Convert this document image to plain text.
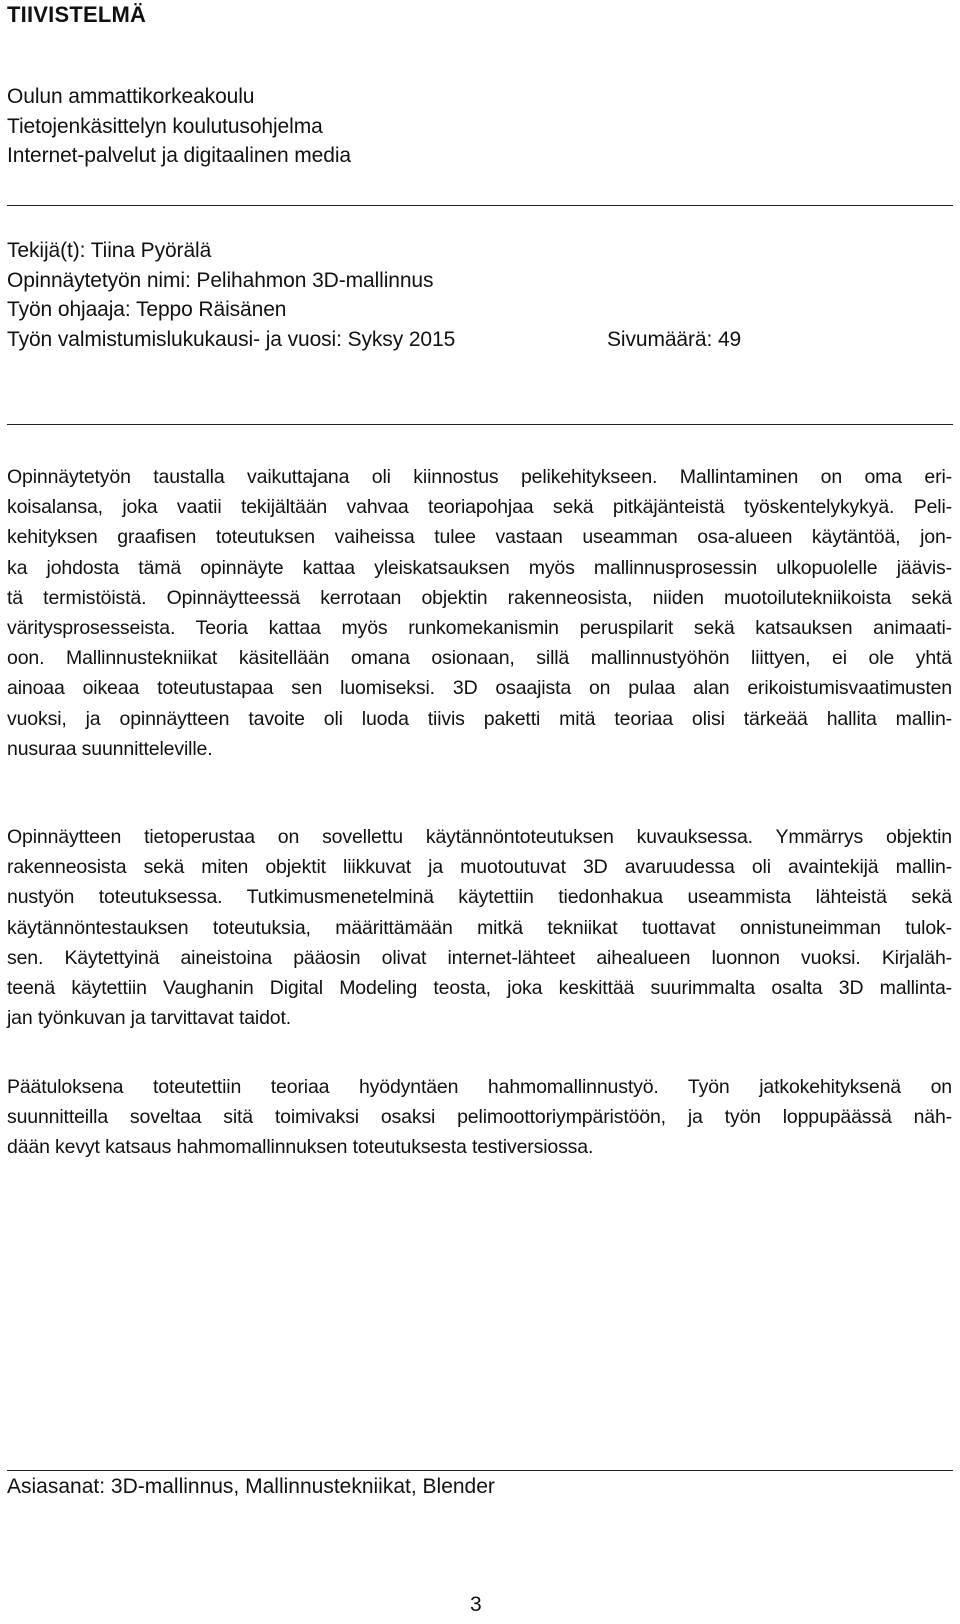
TIIVISTELMÄ
Oulun ammattikorkeakoulu
Tietojenkäsittelyn koulutusohjelma
Internet-palvelut ja digitaalinen media
Tekijä(t): Tiina Pyörälä
Opinnäytetyön nimi: Pelihahmon 3D-mallinnus
Työn ohjaaja: Teppo Räisänen
Työn valmistumislukukausi- ja vuosi: Syksy 2015	Sivumäärä: 49
Opinnäytetyön taustalla vaikuttajana oli kiinnostus pelikehitykseen. Mallintaminen on oma eri-
koisalansa, joka vaatii tekijältään vahvaa teoriapohjaa sekä pitkäjänteistä työskentelykykyä. Peli-
kehityksen graafisen toteutuksen vaiheissa tulee vastaan useamman osa-alueen käytäntöä, jon-
ka johdosta tämä opinnäyte kattaa yleiskatsauksen myös mallinnusprosessin ulkopuolelle jäävis-
tä termistöistä. Opinnäytteessä kerrotaan objektin rakenneosista, niiden muotoilutekniikoista sekä
väritysprosesseista. Teoria kattaa myös runkomekanismin peruspilarit sekä katsauksen animaati-
oon. Mallinnustekniikat käsitellään omana osionaan, sillä mallinnustyöhön liittyen, ei ole yhtä
ainoaa oikeaa toteutustapaa sen luomiseksi. 3D osaajista on pulaa alan erikoistumisvaatimusten
vuoksi, ja opinnäytteen tavoite oli luoda tiivis paketti mitä teoriaa olisi tärkeää hallita mallin-
nusuraa suunnitteleville.
Opinnäytteen tietoperustaa on sovellettu käytännöntoteutuksen kuvauksessa. Ymmärrys objektin
rakenneosista sekä miten objektit liikkuvat ja muotoutuvat 3D avaruudessa oli avaintekijä mallin-
nustyön toteutuksessa. Tutkimusmenetelminä käytettiin tiedonhakua useammista lähteistä sekä
käytännöntestauksen toteutuksia, määrittämään mitkä tekniikat tuottavat onnistuneimman tulok-
sen. Käytettyinä aineistoina pääosin olivat internet-lähteet aihealueen luonnon vuoksi. Kirjaläh-
teenä käytettiin Vaughanin Digital Modeling teosta, joka keskittää suurimmalta osalta 3D mallinta-
jan työnkuvan ja tarvittavat taidot.
Päätuloksena toteutettiin teoriaa hyödyntäen hahmomallinnustyö. Työn jatkokehityksenä on
suunnitteilla soveltaa sitä toimivaksi osaksi pelimoottoriympäristöön, ja työn loppupäässä näh-
dään kevyt katsaus hahmomallinnuksen toteutuksesta testiversiossa.
Asiasanat: 3D-mallinnus, Mallinnustekniikat, Blender
3
